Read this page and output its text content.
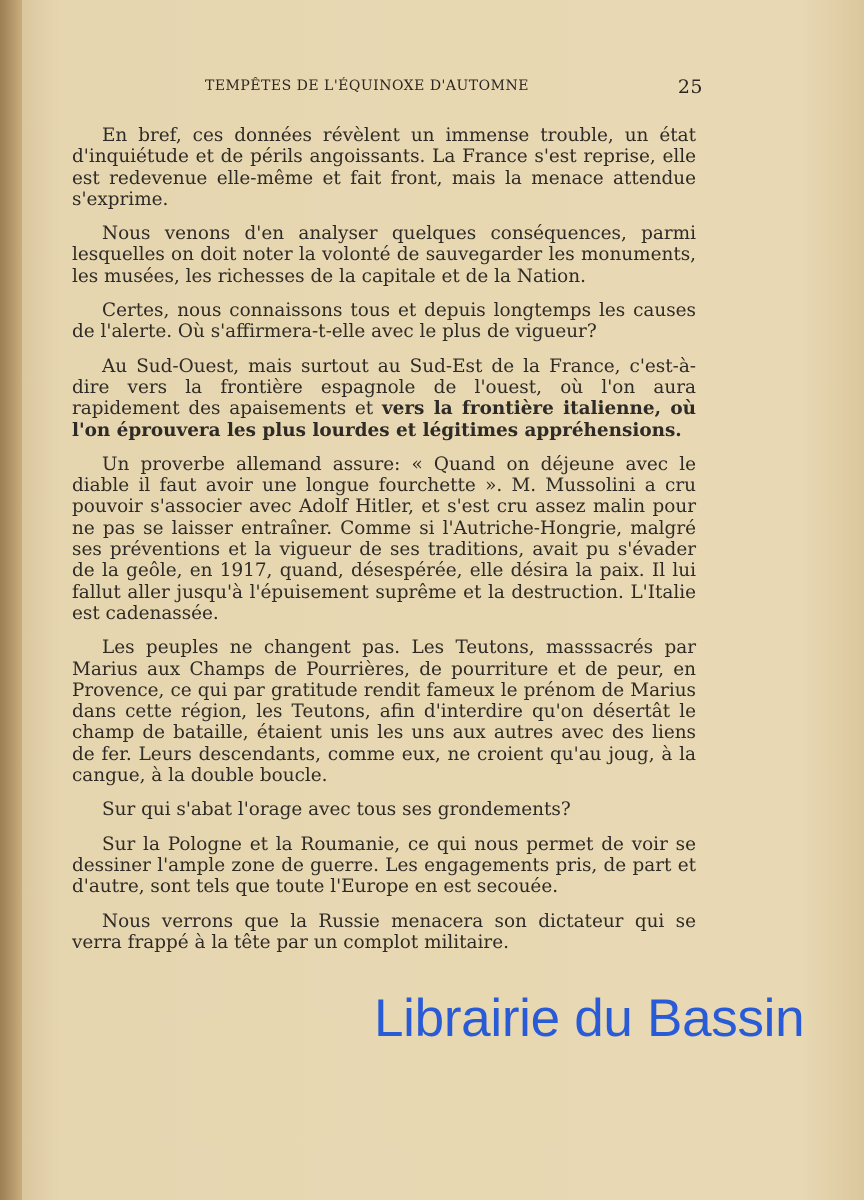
TEMPÊTES DE L'ÉQUINOXE D'AUTOMNE	25

En bref, ces données révèlent un immense trouble, un état d'inquiétude et de périls angoissants. La France s'est reprise, elle est redevenue elle-même et fait front, mais la menace attendue s'exprime.

Nous venons d'en analyser quelques conséquences, parmi lesquelles on doit noter la volonté de sauvegarder les monuments, les musées, les richesses de la capitale et de la Nation.

Certes, nous connaissons tous et depuis longtemps les causes de l'alerte. Où s'affirmera-t-elle avec le plus de vigueur?

Au Sud-Ouest, mais surtout au Sud-Est de la France, c'est-à-dire vers la frontière espagnole de l'ouest, où l'on aura rapidement des apaisements et vers la frontière italienne, où l'on éprouvera les plus lourdes et légitimes appréhensions.

Un proverbe allemand assure: « Quand on déjeune avec le diable il faut avoir une longue fourchette ». M. Mussolini a cru pouvoir s'associer avec Adolf Hitler, et s'est cru assez malin pour ne pas se laisser entraîner. Comme si l'Autriche-Hongrie, malgré ses préventions et la vigueur de ses traditions, avait pu s'évader de la geôle, en 1917, quand, désespérée, elle désira la paix. Il lui fallut aller jusqu'à l'épuisement suprême et la destruction. L'Italie est cadenassée.

Les peuples ne changent pas. Les Teutons, masssacrés par Marius aux Champs de Pourrières, de pourriture et de peur, en Provence, ce qui par gratitude rendit fameux le prénom de Marius dans cette région, les Teutons, afin d'interdire qu'on désertât le champ de bataille, étaient unis les uns aux autres avec des liens de fer. Leurs descendants, comme eux, ne croient qu'au joug, à la cangue, à la double boucle.

Sur qui s'abat l'orage avec tous ses grondements?

Sur la Pologne et la Roumanie, ce qui nous permet de voir se dessiner l'ample zone de guerre. Les engagements pris, de part et d'autre, sont tels que toute l'Europe en est secouée.

Nous verrons que la Russie menacera son dictateur qui se verra frappé à la tête par un complot militaire.

Librairie du Bassin
